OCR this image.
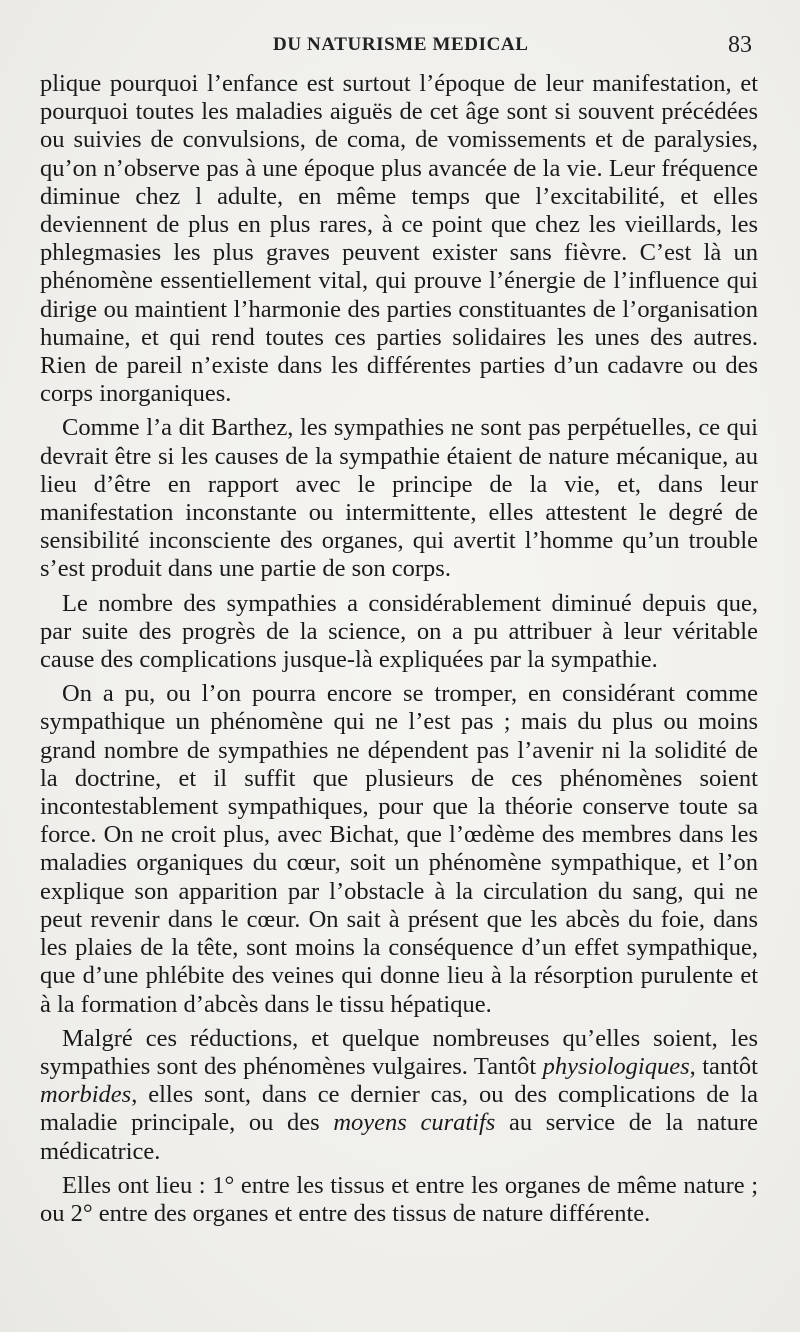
DU NATURISME MEDICAL	83

plique pourquoi l’enfance est surtout l’époque de leur manifestation, et pourquoi toutes les maladies aiguës de cet âge sont si souvent précédées ou suivies de convulsions, de coma, de vomissements et de paralysies, qu’on n’observe pas à une époque plus avancée de la vie. Leur fréquence diminue chez l adulte, en même temps que l’excitabilité, et elles deviennent de plus en plus rares, à ce point que chez les vieillards, les phlegmasies les plus graves peuvent exister sans fièvre. C’est là un phénomène essentiellement vital, qui prouve l’énergie de l’influence qui dirige ou maintient l’harmonie des parties constituantes de l’organisation humaine, et qui rend toutes ces parties solidaires les unes des autres. Rien de pareil n’existe dans les différentes parties d’un cadavre ou des corps inorganiques.

Comme l’a dit Barthez, les sympathies ne sont pas perpétuelles, ce qui devrait être si les causes de la sympathie étaient de nature mécanique, au lieu d’être en rapport avec le principe de la vie, et, dans leur manifestation inconstante ou intermittente, elles attestent le degré de sensibilité inconsciente des organes, qui avertit l’homme qu’un trouble s’est produit dans une partie de son corps.

Le nombre des sympathies a considérablement diminué depuis que, par suite des progrès de la science, on a pu attribuer à leur véritable cause des complications jusque-là expliquées par la sympathie.

On a pu, ou l’on pourra encore se tromper, en considérant comme sympathique un phénomène qui ne l’est pas ; mais du plus ou moins grand nombre de sympathies ne dépendent pas l’avenir ni la solidité de la doctrine, et il suffit que plusieurs de ces phénomènes soient incontestablement sympathiques, pour que la théorie conserve toute sa force. On ne croit plus, avec Bichat, que l’œdème des membres dans les maladies organiques du cœur, soit un phénomène sympathique, et l’on explique son apparition par l’obstacle à la circulation du sang, qui ne peut revenir dans le cœur. On sait à présent que les abcès du foie, dans les plaies de la tête, sont moins la conséquence d’un effet sympathique, que d’une phlébite des veines qui donne lieu à la résorption purulente et à la formation d’abcès dans le tissu hépatique.

Malgré ces réductions, et quelque nombreuses qu’elles soient, les sympathies sont des phénomènes vulgaires. Tantôt physiologiques, tantôt morbides, elles sont, dans ce dernier cas, ou des complications de la maladie principale, ou des moyens curatifs au service de la nature médicatrice.

Elles ont lieu : 1° entre les tissus et entre les organes de même nature ; ou 2° entre des organes et entre des tissus de nature différente.
